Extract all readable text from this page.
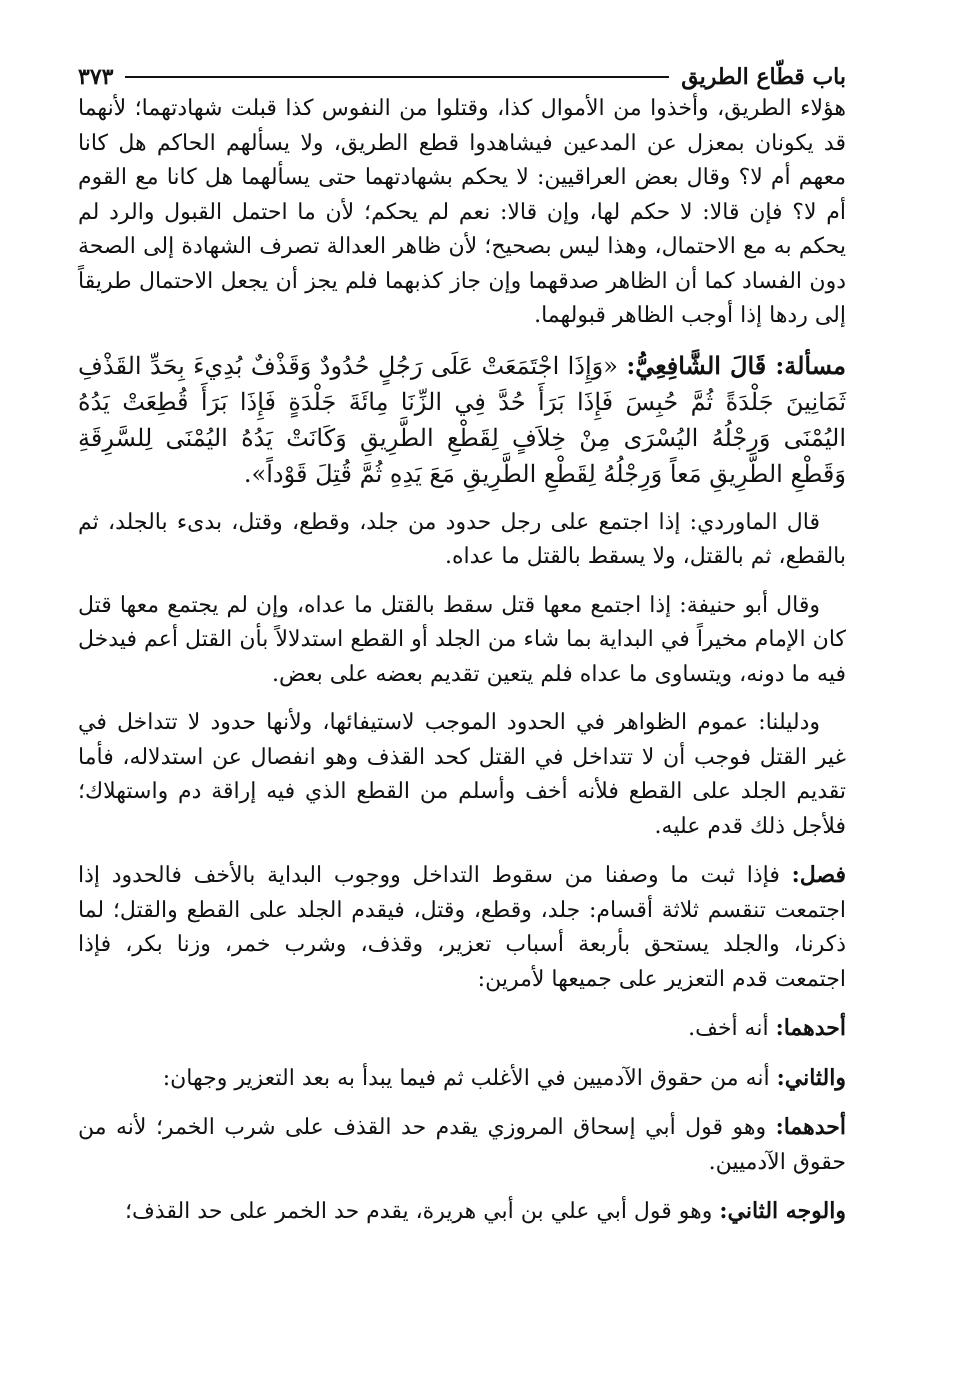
باب قطّاع الطريق
٣٧٣

هؤلاء الطريق، وأخذوا من الأموال كذا، وقتلوا من النفوس كذا قبلت شهادتهما؛ لأنهما قد يكونان بمعزل عن المدعين فيشاهدوا قطع الطريق، ولا يسألهم الحاكم هل كانا معهم أم لا؟ وقال بعض العراقيين: لا يحكم بشهادتهما حتى يسألهما هل كانا مع القوم أم لا؟ فإن قالا: لا حكم لها، وإن قالا: نعم لم يحكم؛ لأن ما احتمل القبول والرد لم يحكم به مع الاحتمال، وهذا ليس بصحيح؛ لأن ظاهر العدالة تصرف الشهادة إلى الصحة دون الفساد كما أن الظاهر صدقهما وإن جاز كذبهما فلم يجز أن يجعل الاحتمال طريقاً إلى ردها إذا أوجب الظاهر قبولهما.

مسألة: قَالَ الشَّافِعِيُّ: «وَإِذَا اجْتَمَعَتْ عَلَى رَجُلٍ حُدُودٌ وَقَذْفٌ بُدِيءَ بِحَدِّ القَذْفِ ثَمَانِينَ جَلْدَةً ثُمَّ حُبِسَ فَإِذَا بَرَأَ حُدَّ فِي الزِّنَا مِائَةَ جَلْدَةٍ فَإِذَا بَرَأَ قُطِعَتْ يَدُهُ اليُمْنَى وَرِجْلُهُ اليُسْرَى مِنْ خِلاَفٍ لِقَطْعِ الطَّرِيقِ وَكَانَتْ يَدُهُ اليُمْنَى لِلسَّرِقَةِ وَقَطْعِ الطَّرِيقِ مَعاً وَرِجْلُهُ لِقَطْعِ الطَّرِيقِ مَعَ يَدِهِ ثُمَّ قُتِلَ قَوْداً».

قال الماوردي: إذا اجتمع على رجل حدود من جلد، وقطع، وقتل، بدىء بالجلد، ثم بالقطع، ثم بالقتل، ولا يسقط بالقتل ما عداه.

وقال أبو حنيفة: إذا اجتمع معها قتل سقط بالقتل ما عداه، وإن لم يجتمع معها قتل كان الإمام مخيراً في البداية بما شاء من الجلد أو القطع استدلالاً بأن القتل أعم فيدخل فيه ما دونه، ويتساوى ما عداه فلم يتعين تقديم بعضه على بعض.

ودليلنا: عموم الظواهر في الحدود الموجب لاستيفائها، ولأنها حدود لا تتداخل في غير القتل فوجب أن لا تتداخل في القتل كحد القذف وهو انفصال عن استدلاله، فأما تقديم الجلد على القطع فلأنه أخف وأسلم من القطع الذي فيه إراقة دم واستهلاك؛ فلأجل ذلك قدم عليه.

فصل: فإذا ثبت ما وصفنا من سقوط التداخل ووجوب البداية بالأخف فالحدود إذا اجتمعت تنقسم ثلاثة أقسام: جلد، وقطع، وقتل، فيقدم الجلد على القطع والقتل؛ لما ذكرنا، والجلد يستحق بأربعة أسباب تعزير، وقذف، وشرب خمر، وزنا بكر، فإذا اجتمعت قدم التعزير على جميعها لأمرين:

أحدهما: أنه أخف.

والثاني: أنه من حقوق الآدميين في الأغلب ثم فيما يبدأ به بعد التعزير وجهان:

أحدهما: وهو قول أبي إسحاق المروزي يقدم حد القذف على شرب الخمر؛ لأنه من حقوق الآدميين.

والوجه الثاني: وهو قول أبي علي بن أبي هريرة، يقدم حد الخمر على حد القذف؛
